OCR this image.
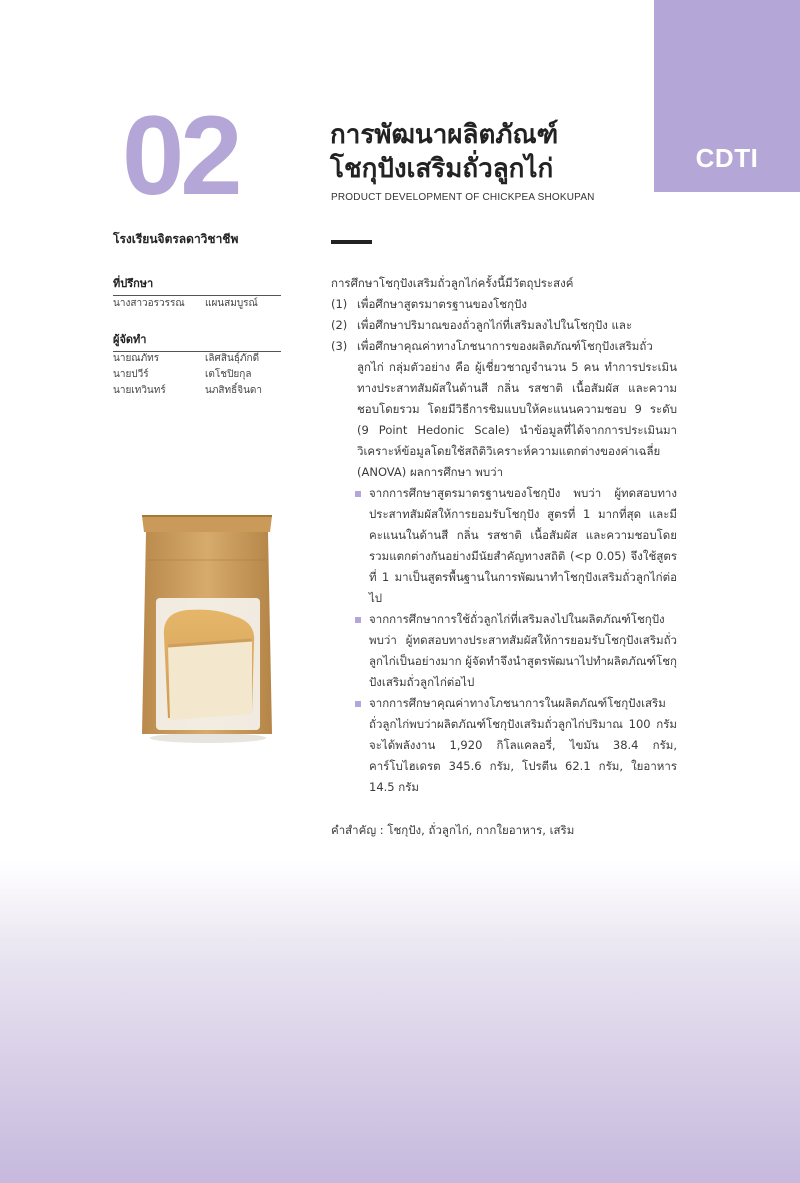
CDTI
02	การพัฒนาผลิตภัณฑ์
โชกุปังเสริมถั่วลูกไก่
PRODUCT DEVELOPMENT OF CHICKPEA SHOKUPAN
โรงเรียนจิตรลดาวิชาชีพ
ที่ปรึกษา
นางสาวอรวรรณ แผนสมบูรณ์
ผู้จัดทำ
นายณภัทร	เลิศสินธุ์ภักดี
นายปวีร์	เตโชปิยกุล
นายเทวินทร์	นภสิทธิ์จินดา

การศึกษาโชกุปังเสริมถั่วลูกไก่ครั้งนี้มีวัตถุประสงค์

(1) เพื่อศึกษาสูตรมาตรฐานของโชกุปัง
(2) เพื่อศึกษาปริมาณของถั่วลูกไก่ที่เสริมลงไปในโชกุปัง และ
(3) เพื่อศึกษาคุณค่าทางโภชนาการของผลิตภัณฑ์โชกุปังเสริมถั่วลูกไก่ กลุ่มตัวอย่าง คือ ผู้เชี่ยวชาญจำนวน 5 คน ทำการประเมินทางประสาทสัมผัสในด้านสี กลิ่น รสชาติ เนื้อสัมผัส และความชอบโดยรวม โดยมีวิธีการชิมแบบให้คะแนนความชอบ 9 ระดับ (9 Point Hedonic Scale) นำข้อมูลที่ได้จากการประเมินมาวิเคราะห์ข้อมูลโดยใช้สถิติวิเคราะห์ความแตกต่างของค่าเฉลี่ย (ANOVA) ผลการศึกษา พบว่า
จากการศึกษาสูตรมาตรฐานของโชกุปัง พบว่า ผู้ทดสอบทางประสาทสัมผัสให้การยอมรับโชกุปัง สูตรที่ 1 มากที่สุด และมีคะแนนในด้านสี กลิ่น รสชาติ เนื้อสัมผัส และความชอบโดยรวมแตกต่างกันอย่างมีนัยสำคัญทางสถิติ (<p 0.05) จึงใช้สูตรที่ 1 มาเป็นสูตรพื้นฐานในการพัฒนาทำโชกุปังเสริมถั่วลูกไก่ต่อไป
จากการศึกษาการใช้ถั่วลูกไก่ที่เสริมลงไปในผลิตภัณฑ์โชกุปัง พบว่า ผู้ทดสอบทางประสาทสัมผัสให้การยอมรับโชกุปังเสริมถั่วลูกไก่เป็นอย่างมาก ผู้จัดทำจึงนำสูตรพัฒนาไปทำผลิตภัณฑ์โชกุปังเสริมถั่วลูกไก่ต่อไป
จากการศึกษาคุณค่าทางโภชนาการในผลิตภัณฑ์โชกุปังเสริมถั่วลูกไก่พบว่าผลิตภัณฑ์โชกุปังเสริมถั่วลูกไก่ปริมาณ 100 กรัม จะได้พลังงาน 1,920 กิโลแคลอรี่, ไขมัน 38.4 กรัม, คาร์โบไฮเดรต 345.6 กรัม, โปรตีน 62.1 กรัม, ใยอาหาร 14.5 กรัม

คำสำคัญ : โชกุปัง, ถั่วลูกไก่, กากใยอาหาร, เสริม
